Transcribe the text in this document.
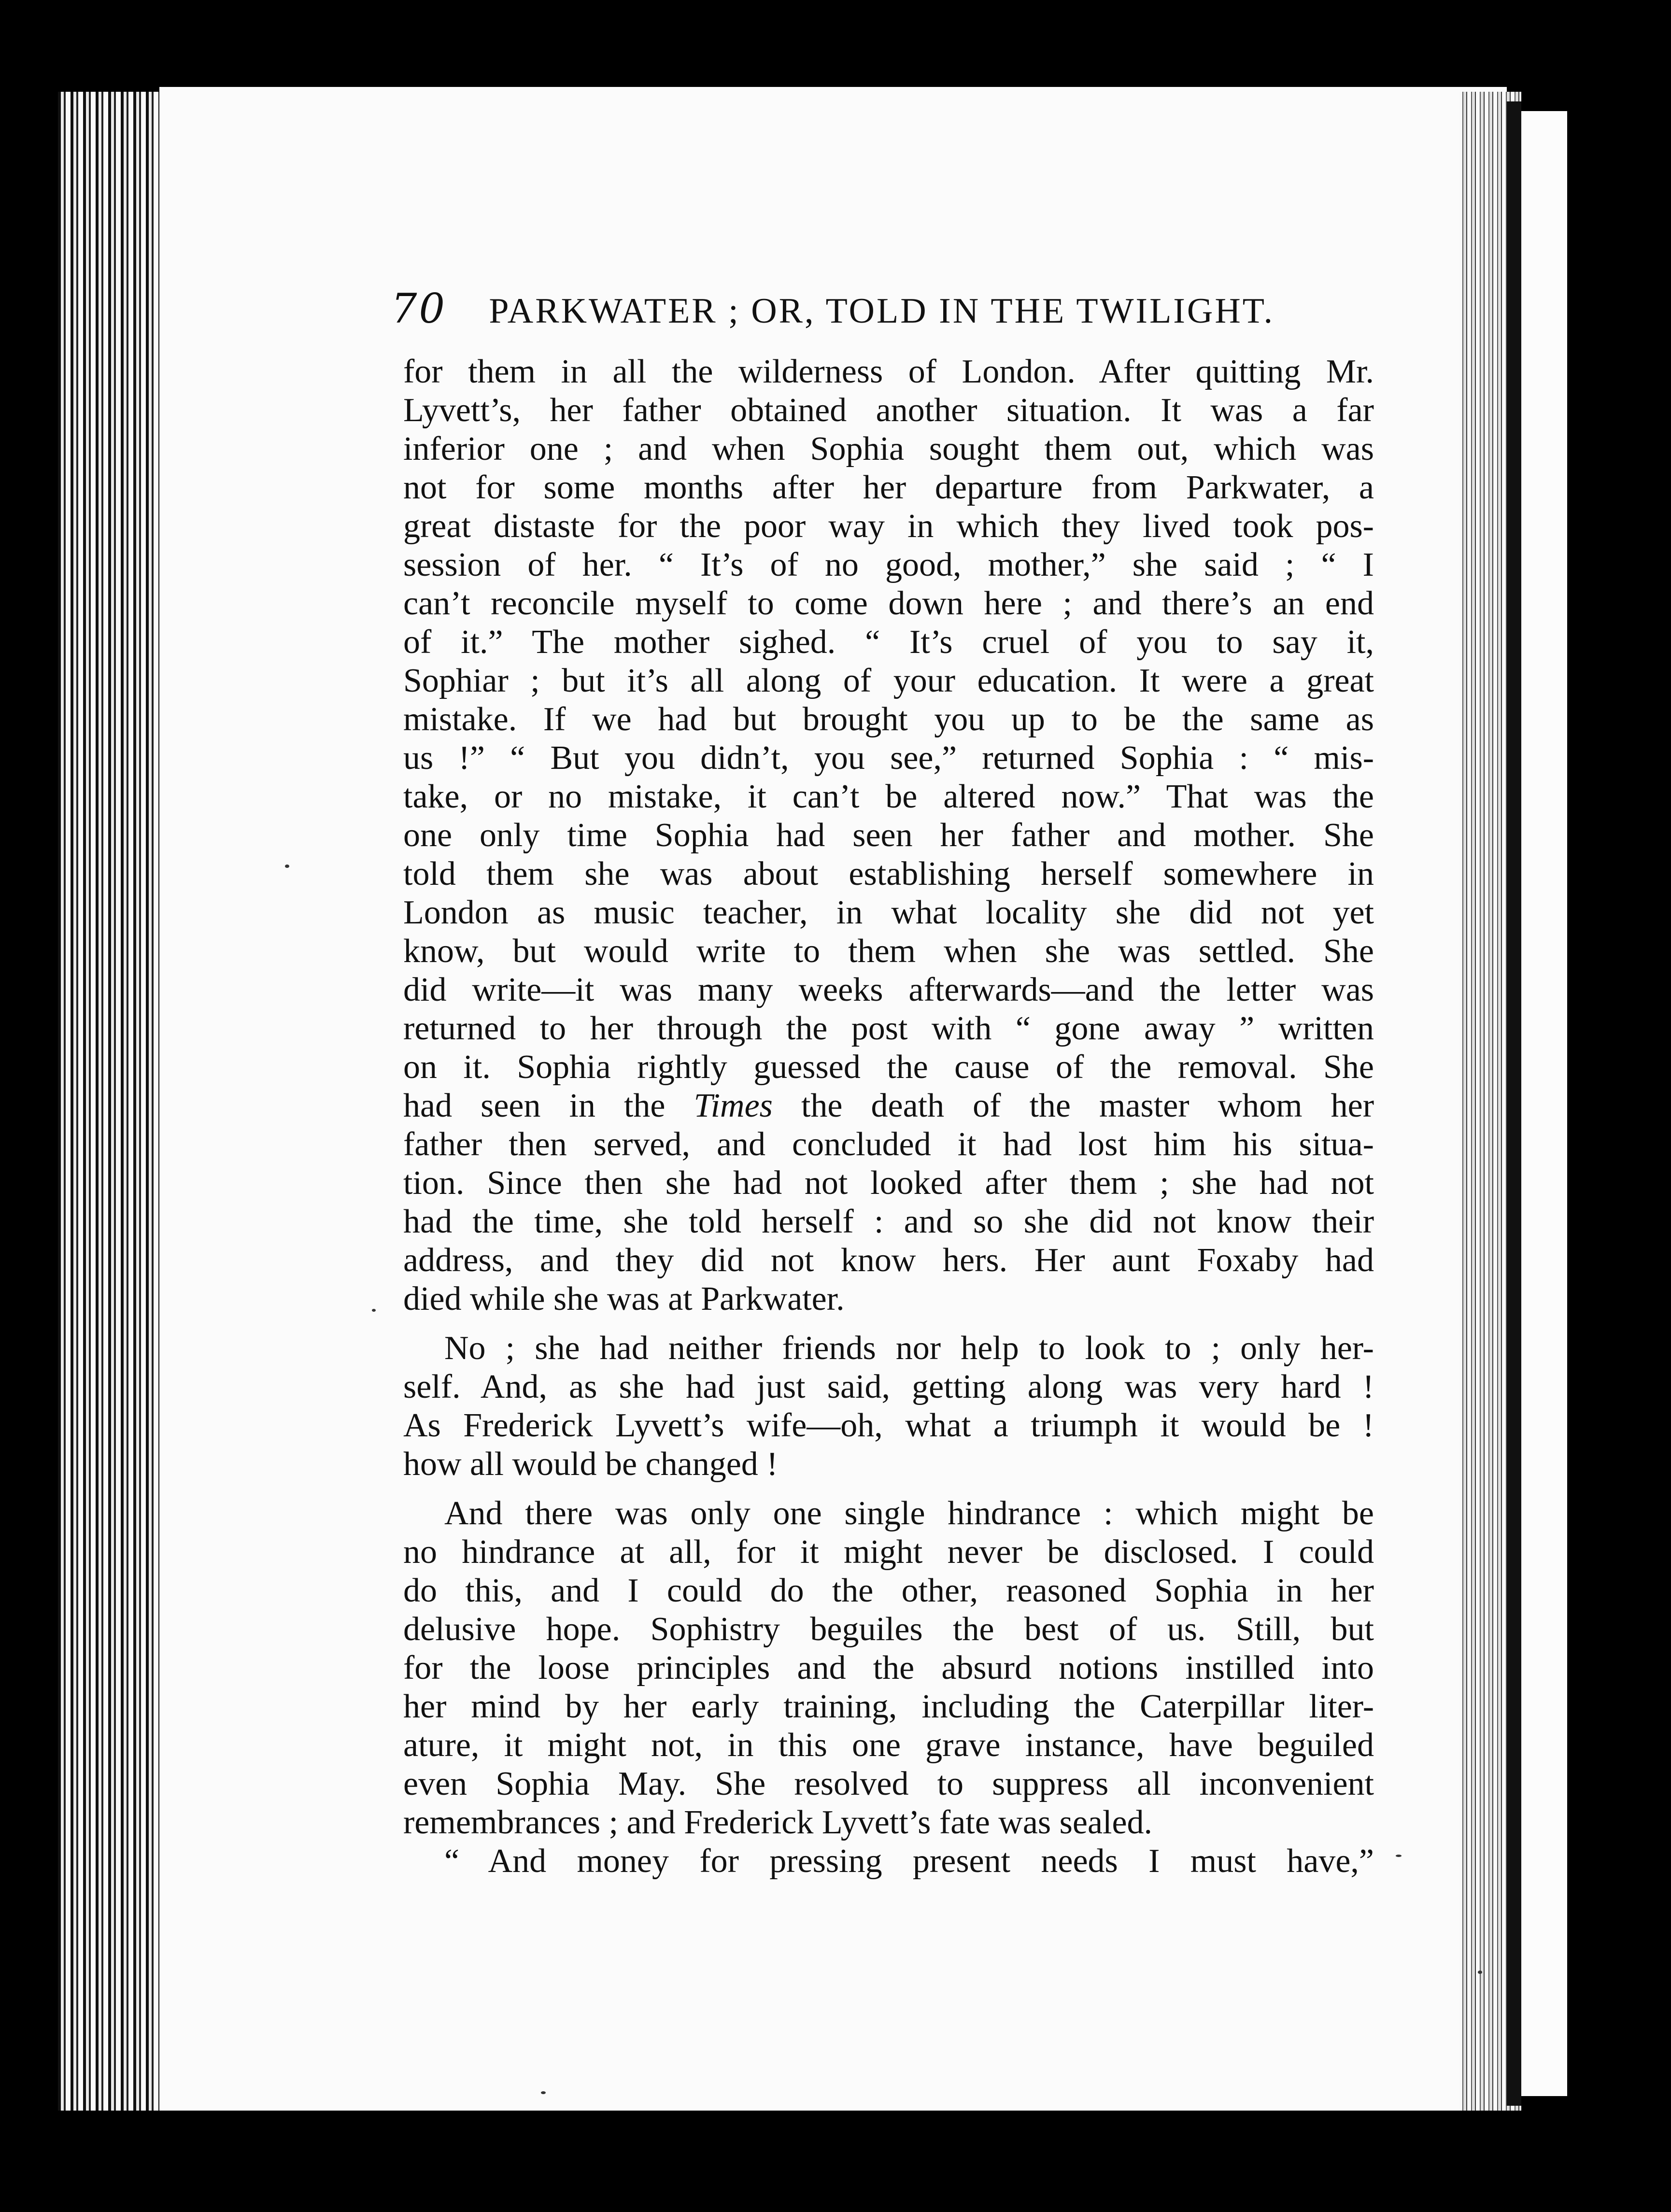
70 PARKWATER ; OR, TOLD IN THE TWILIGHT.
for them in all the wilderness of London. After quitting Mr.
Lyvett’s, her father obtained another situation. It was a far
inferior one ; and when Sophia sought them out, which was
not for some months after her departure from Parkwater, a
great distaste for the poor way in which they lived took pos-
session of her. “ It’s of no good, mother,” she said ; “ I
can’t reconcile myself to come down here ; and there’s an end
of it.” The mother sighed. “ It’s cruel of you to say it,
Sophiar ; but it’s all along of your education. It were a great
mistake. If we had but brought you up to be the same as
us !” “ But you didn’t, you see,” returned Sophia : “ mis-
take, or no mistake, it can’t be altered now.” That was the
one only time Sophia had seen her father and mother. She
told them she was about establishing herself somewhere in
London as music teacher, in what locality she did not yet
know, but would write to them when she was settled. She
did write—it was many weeks afterwards—and the letter was
returned to her through the post with “ gone away ” written
on it. Sophia rightly guessed the cause of the removal. She
had seen in the Times the death of the master whom her
father then served, and concluded it had lost him his situa-
tion. Since then she had not looked after them ; she had not
had the time, she told herself : and so she did not know their
address, and they did not know hers. Her aunt Foxaby had
died while she was at Parkwater.
No ; she had neither friends nor help to look to ; only her-
self. And, as she had just said, getting along was very hard !
As Frederick Lyvett’s wife—oh, what a triumph it would be !
how all would be changed !
And there was only one single hindrance : which might be
no hindrance at all, for it might never be disclosed. I could
do this, and I could do the other, reasoned Sophia in her
delusive hope. Sophistry beguiles the best of us. Still, but
for the loose principles and the absurd notions instilled into
her mind by her early training, including the Caterpillar liter-
ature, it might not, in this one grave instance, have beguiled
even Sophia May. She resolved to suppress all inconvenient
remembrances ; and Frederick Lyvett’s fate was sealed.
“ And money for pressing present needs I must have,”
